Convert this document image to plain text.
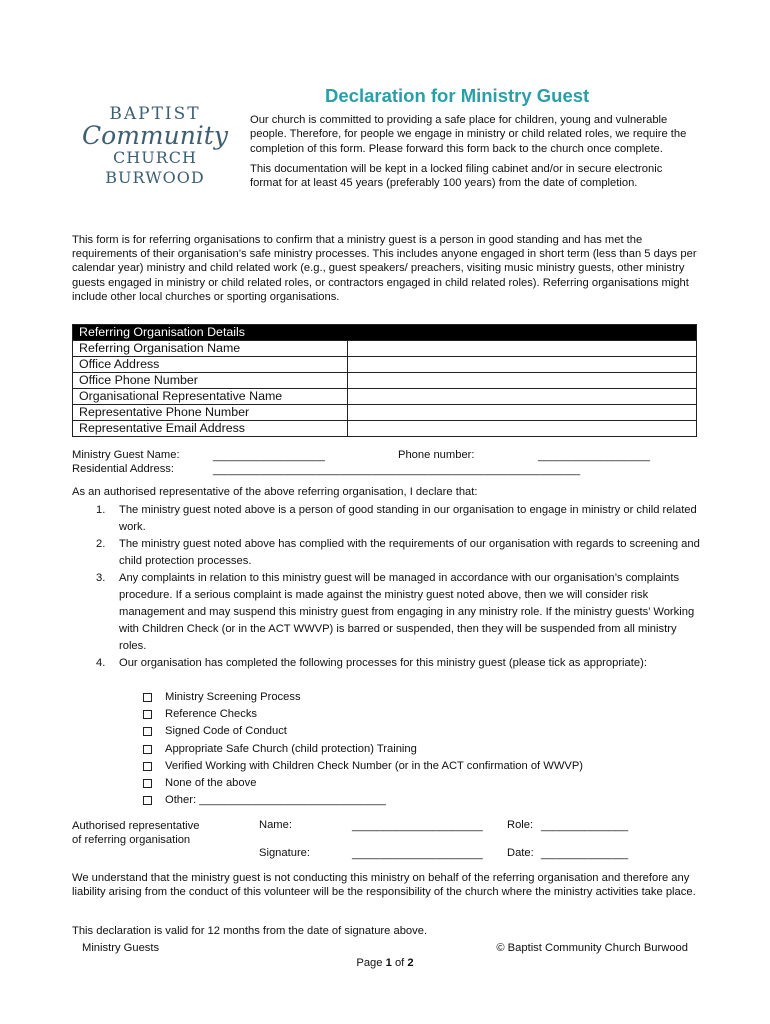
BAPTIST
Community
CHURCH
BURWOOD
Declaration for Ministry Guest

Our church is committed to providing a safe place for children, young and vulnerable people. Therefore, for people we engage in ministry or child related roles, we require the completion of this form. Please forward this form back to the church once complete.

This documentation will be kept in a locked filing cabinet and/or in secure electronic format for at least 45 years (preferably 100 years) from the date of completion.

This form is for referring organisations to confirm that a ministry guest is a person in good standing and has met the requirements of their organisation’s safe ministry processes. This includes anyone engaged in short term (less than 5 days per calendar year) ministry and child related work (e.g., guest speakers/ preachers, visiting music ministry guests, other ministry guests engaged in ministry or child related roles, or contractors engaged in child related roles). Referring organisations might include other local churches or sporting organisations.
Referring Organisation Details	
Referring Organisation Name	
Office Address	
Office Phone Number	
Organisational Representative Name	
Representative Phone Number	
Representative Email Address	
Ministry Guest Name:	__________________	Phone number:	__________________
Residential Address:	___________________________________________________________
As an authorised representative of the above referring organisation, I declare that:
1. The ministry guest noted above is a person of good standing in our organisation to engage in ministry or child related work.
2. The ministry guest noted above has complied with the requirements of our organisation with regards to screening and child protection processes.
3. Any complaints in relation to this ministry guest will be managed in accordance with our organisation’s complaints procedure. If a serious complaint is made against the ministry guest noted above, then we will consider risk management and may suspend this ministry guest from engaging in any ministry role. If the ministry guests’ Working with Children Check (or in the ACT WWVP) is barred or suspended, then they will be suspended from all ministry roles.
4. Our organisation has completed the following processes for this ministry guest (please tick as appropriate):
Ministry Screening Process
Reference Checks
Signed Code of Conduct
Appropriate Safe Church (child protection) Training
Verified Working with Children Check Number (or in the ACT confirmation of WWVP)
None of the above
Other: ______________________________
Authorised representative
of referring organisation
Name:	_____________________ Role: ______________
Signature:	_____________________ Date: ______________
We understand that the ministry guest is not conducting this ministry on behalf of the referring organisation and therefore any liability arising from the conduct of this volunteer will be the responsibility of the church where the ministry activities take place.
This declaration is valid for 12 months from the date of signature above.
Ministry Guests	© Baptist Community Church Burwood
Page 1 of 2
